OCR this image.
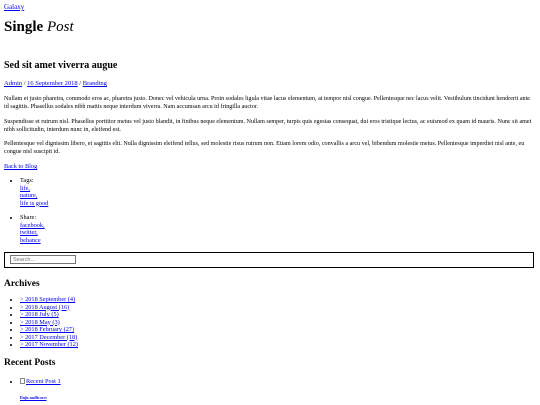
Galaxy
Single Post
Sed sit amet viverra augue
Admin / 16 September 2018 / Branding

Nullam et justo pharetra, commodo eros ac, pharetra justo. Donec vel vehicula urna. Proin sodales ligula vitae lacus elementum, at tempor nisl congue. Pellentesque nec lacus velit. Vestibulum tincidunt hendrerit ante id sagittis. Phasellus sodales nibh mattis neque interdum viverra. Nam accumsan arcu id fringilla auctor.

Suspendisse et rutrum nisl. Phasellus porttitor metus vel justo blandit, in finibus neque elementum. Nullam semper, turpis quis egestas consequat, dui eros tristique lectus, ac euismod ex quam id mauris. Nunc sit amet nibh sollicitudin, interdum nunc in, eleifend est.

Pellentesque vel dignissim libero, et sagittis elit. Nulla dignissim eleifend tellus, sed molestie risus rutrum non. Etiam lorem odio, convallis a arcu vel, bibendum molestie metus. Pellentesque imperdiet nisl ante, eu congue nisl suscipit id.

Back to Blog
• Tags:
life,
nature,
life is good
• Share:
facebook,
twitter,
behance
Search...
Archives
• > 2018 September (4)
• > 2018 August (16)
• > 2018 July (5)
• > 2018 May (3)
• > 2018 February (27)
• > 2017 December (18)
• > 2017 November (12)
Recent Posts
• Recent Post 1
Dujis mollis orci
